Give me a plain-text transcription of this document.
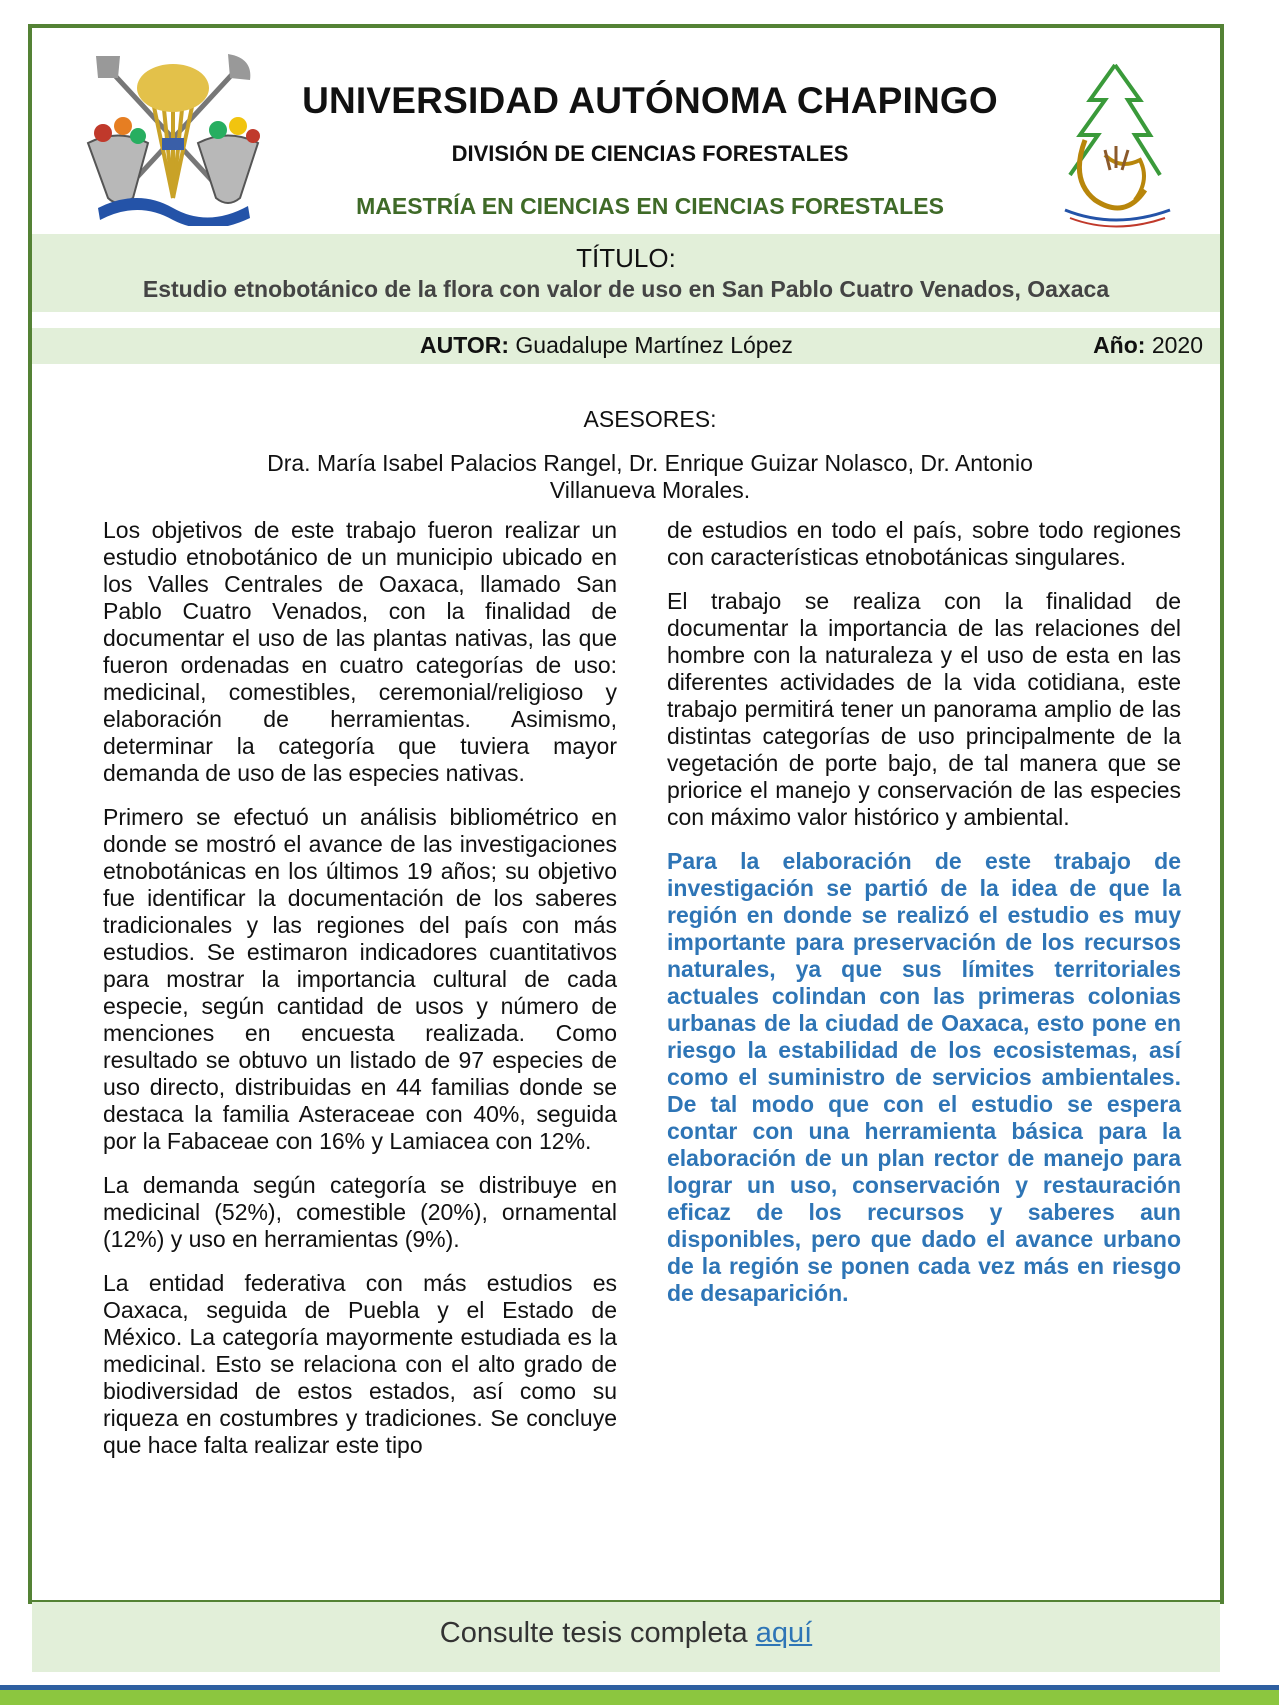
UNIVERSIDAD AUTÓNOMA CHAPINGO
DIVISIÓN DE CIENCIAS FORESTALES
MAESTRÍA EN CIENCIAS EN CIENCIAS FORESTALES
TÍTULO:
Estudio etnobotánico de la flora con valor de uso en San Pablo Cuatro Venados, Oaxaca
AUTOR: Guadalupe Martínez López	Año: 2020
ASESORES:
Dra. María Isabel Palacios Rangel, Dr. Enrique Guizar Nolasco, Dr. Antonio Villanueva Morales.

Los objetivos de este trabajo fueron realizar un estudio etnobotánico de un municipio ubicado en los Valles Centrales de Oaxaca, llamado San Pablo Cuatro Venados, con la finalidad de documentar el uso de las plantas nativas, las que fueron ordenadas en cuatro categorías de uso: medicinal, comestibles, ceremonial/religioso y elaboración de herramientas. Asimismo, determinar la categoría que tuviera mayor demanda de uso de las especies nativas.

Primero se efectuó un análisis bibliométrico en donde se mostró el avance de las investigaciones etnobotánicas en los últimos 19 años; su objetivo fue identificar la documentación de los saberes tradicionales y las regiones del país con más estudios. Se estimaron indicadores cuantitativos para mostrar la importancia cultural de cada especie, según cantidad de usos y número de menciones en encuesta realizada. Como resultado se obtuvo un listado de 97 especies de uso directo, distribuidas en 44 familias donde se destaca la familia Asteraceae con 40%, seguida por la Fabaceae con 16% y Lamiacea con 12%.

La demanda según categoría se distribuye en medicinal (52%), comestible (20%), ornamental (12%) y uso en herramientas (9%).

La entidad federativa con más estudios es Oaxaca, seguida de Puebla y el Estado de México. La categoría mayormente estudiada es la medicinal. Esto se relaciona con el alto grado de biodiversidad de estos estados, así como su riqueza en costumbres y tradiciones. Se concluye que hace falta realizar este tipo

de estudios en todo el país, sobre todo regiones con características etnobotánicas singulares.

El trabajo se realiza con la finalidad de documentar la importancia de las relaciones del hombre con la naturaleza y el uso de esta en las diferentes actividades de la vida cotidiana, este trabajo permitirá tener un panorama amplio de las distintas categorías de uso principalmente de la vegetación de porte bajo, de tal manera que se priorice el manejo y conservación de las especies con máximo valor histórico y ambiental.

Para la elaboración de este trabajo de investigación se partió de la idea de que la región en donde se realizó el estudio es muy importante para preservación de los recursos naturales, ya que sus límites territoriales actuales colindan con las primeras colonias urbanas de la ciudad de Oaxaca, esto pone en riesgo la estabilidad de los ecosistemas, así como el suministro de servicios ambientales. De tal modo que con el estudio se espera contar con una herramienta básica para la elaboración de un plan rector de manejo para lograr un uso, conservación y restauración eficaz de los recursos y saberes aun disponibles, pero que dado el avance urbano de la región se ponen cada vez más en riesgo de desaparición.

Consulte tesis completa aquí
